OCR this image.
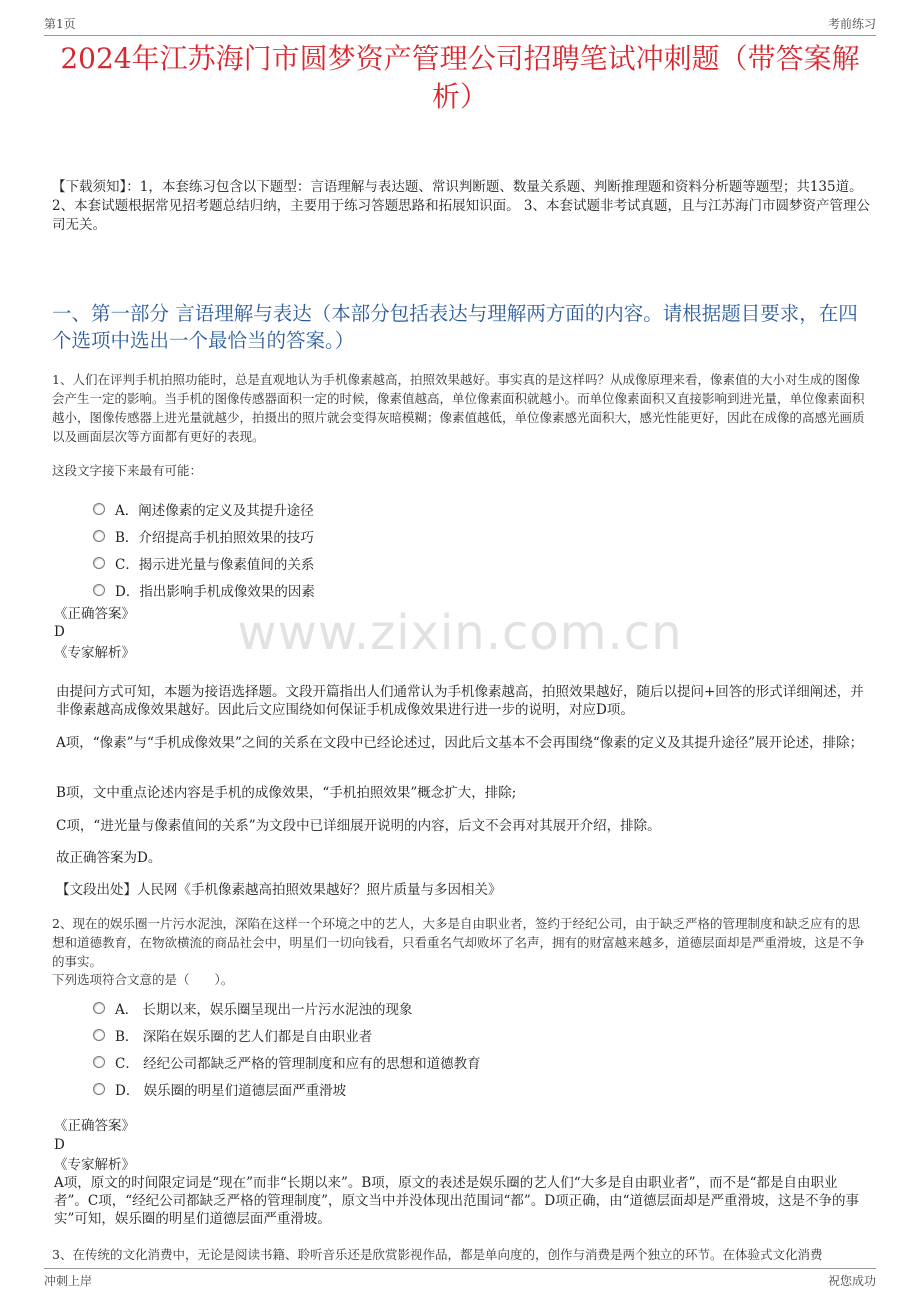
第1页	考前练习
2024年江苏海门市圆梦资产管理公司招聘笔试冲刺题（带答案解析）
【下载须知】：1，本套练习包含以下题型：言语理解与表达题、常识判断题、数量关系题、判断推理题和资料分析题等题型；共135道。 2、本套试题根据常见招考题总结归纳，主要用于练习答题思路和拓展知识面。 3、本套试题非考试真题，且与江苏海门市圆梦资产管理公司无关。
一、第一部分 言语理解与表达（本部分包括表达与理解两方面的内容。请根据题目要求，在四个选项中选出一个最恰当的答案。）
1、人们在评判手机拍照功能时，总是直观地认为手机像素越高，拍照效果越好。事实真的是这样吗？从成像原理来看，像素值的大小对生成的图像会产生一定的影响。当手机的图像传感器面积一定的时候，像素值越高，单位像素面积就越小。而单位像素面积又直接影响到进光量，单位像素面积越小，图像传感器上进光量就越少，拍摄出的照片就会变得灰暗模糊；像素值越低，单位像素感光面积大，感光性能更好，因此在成像的高感光画质以及画面层次等方面都有更好的表现。
这段文字接下来最有可能：
A．阐述像素的定义及其提升途径
B．介绍提高手机拍照效果的技巧
C．揭示进光量与像素值间的关系
D．指出影响手机成像效果的因素
《正确答案》
D
《专家解析》

由提问方式可知，本题为接语选择题。文段开篇指出人们通常认为手机像素越高，拍照效果越好，随后以提问+回答的形式详细阐述，并非像素越高成像效果越好。因此后文应围绕如何保证手机成像效果进行进一步的说明，对应D项。

A项，“像素”与“手机成像效果”之间的关系在文段中已经论述过，因此后文基本不会再围绕“像素的定义及其提升途径”展开论述，排除；

B项，文中重点论述内容是手机的成像效果，“手机拍照效果”概念扩大，排除;

C项，“进光量与像素值间的关系”为文段中已详细展开说明的内容，后文不会再对其展开介绍，排除。

故正确答案为D。

【文段出处】人民网《手机像素越高拍照效果越好？照片质量与多因相关》
2、现在的娱乐圈一片污水泥浊，深陷在这样一个环境之中的艺人，大多是自由职业者，签约于经纪公司，由于缺乏严格的管理制度和缺乏应有的思想和道德教育，在物欲横流的商品社会中，明星们一切向钱看，只看重名气却败坏了名声，拥有的财富越来越多，道德层面却是严重滑坡，这是不争的事实。
下列选项符合文意的是（　　）。
A． 长期以来，娱乐圈呈现出一片污水泥浊的现象
B． 深陷在娱乐圈的艺人们都是自由职业者
C． 经纪公司都缺乏严格的管理制度和应有的思想和道德教育
D． 娱乐圈的明星们道德层面严重滑坡
《正确答案》
D
《专家解析》
A项，原文的时间限定词是“现在”而非“长期以来”。B项，原文的表述是娱乐圈的艺人们“大多是自由职业者”，而不是“都是自由职业者”。C项，“经纪公司都缺乏严格的管理制度”，原文当中并没体现出范围词“都”。D项正确，由“道德层面却是严重滑坡，这是不争的事实”可知，娱乐圈的明星们道德层面严重滑坡。
3、在传统的文化消费中，无论是阅读书籍、聆听音乐还是欣赏影视作品，都是单向度的，创作与消费是两个独立的环节。在体验式文化消费
www.zixin.com.cn
冲刺上岸	祝您成功
